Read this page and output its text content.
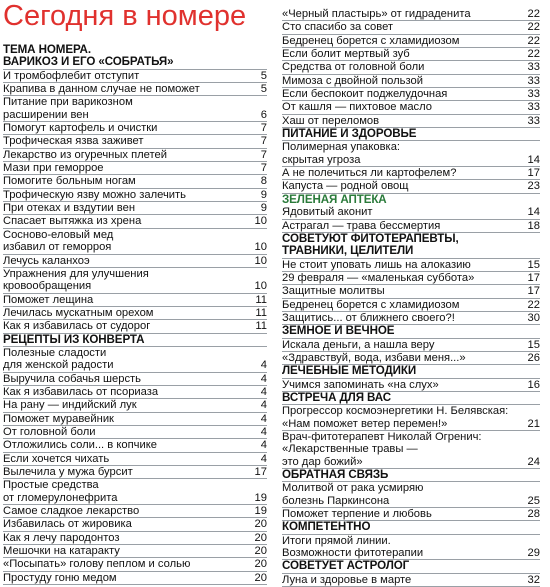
Сегодня в номере
ТЕМА НОМЕРА.
ВАРИКОЗ И ЕГО «СОБРАТЬЯ»
И тромбофлебит отступит	5
Крапива в данном случае не поможет	5
Питание при варикозном
расширении вен	6
Помогут картофель и очистки	7
Трофическая язва заживет	7
Лекарство из огуречных плетей	7
Мази при геморрое	7
Помогите больным ногам	8
Трофическую язву можно залечить	9
При отеках и вздутии вен	9
Спасает вытяжка из хрена	10
Сосново-еловый мед
избавил от геморроя	10
Лечусь каланхоэ	10
Упражнения для улучшения
кровообращения	10
Поможет лещина	11
Лечилась мускатным орехом	11
Как я избавилась от судорог	11
РЕЦЕПТЫ ИЗ КОНВЕРТА
Полезные сладости
для женской радости	4
Выручила собачья шерсть	4
Как я избавилась от псориаза	4
На рану — индийский лук	4
Поможет муравейник	4
От головной боли	4
Отложились соли... в копчике	4
Если хочется чихать	4
Вылечила у мужа бурсит	17
Простые средства
от гломерулонефрита	19
Самое сладкое лекарство	19
Избавилась от жировика	20
Как я лечу пародонтоз	20
Мешочки на катаракту	20
«Посыпать» голову пеплом и солью	20
Простуду гоню медом	20
«Черный пластырь» от гидраденита	22
Сто спасибо за совет	22
Бедренец борется с хламидиозом	22
Если болит мертвый зуб	22
Средства от головной боли	33
Мимоза с двойной пользой	33
Если беспокоит поджелудочная	33
От кашля — пихтовое масло	33
Хаш от переломов	33
ПИТАНИЕ И ЗДОРОВЬЕ
Полимерная упаковка:
скрытая угроза	14
А не полечиться ли картофелем?	17
Капуста — родной овощ	23
ЗЕЛЕНАЯ АПТЕКА
Ядовитый аконит	14
Астрагал — трава бессмертия	18
СОВЕТУЮТ ФИТОТЕРАПЕВТЫ,
ТРАВНИКИ, ЦЕЛИТЕЛИ
Не стоит уповать лишь на алоказию	15
29 февраля — «маленькая суббота»	17
Защитные молитвы	17
Бедренец борется с хламидиозом	22
Защитись... от ближнего своего?!	30
ЗЕМНОЕ И ВЕЧНОЕ
Искала деньги, а нашла веру	15
«Здравствуй, вода, избави меня...»	26
ЛЕЧЕБНЫЕ МЕТОДИКИ
Учимся запоминать «на слух»	16
ВСТРЕЧА ДЛЯ ВАС
Прогрессор космоэнергетики Н. Белявская:
«Нам поможет ветер перемен!»	21
Врач-фитотерапевт Николай Огренич:
«Лекарственные травы —
это дар божий»	24
ОБРАТНАЯ СВЯЗЬ
Молитвой от рака усмиряю
болезнь Паркинсона	25
Поможет терпение и любовь	28
КОМПЕТЕНТНО
Итоги прямой линии.
Возможности фитотерапии	29
СОВЕТУЕТ АСТРОЛОГ
Луна и здоровье в марте	32
